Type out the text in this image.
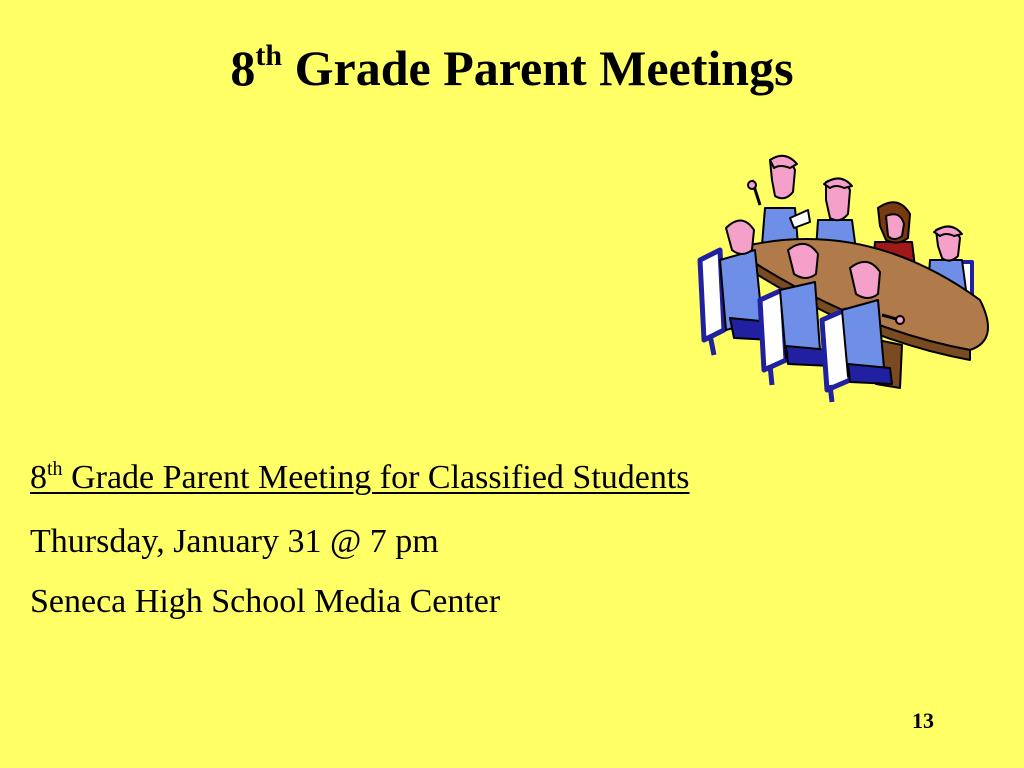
8th Grade Parent Meetings
8th Grade Parent Meeting for Classified Students
Thursday, January 31 @ 7 pm
Seneca High School Media Center
13
